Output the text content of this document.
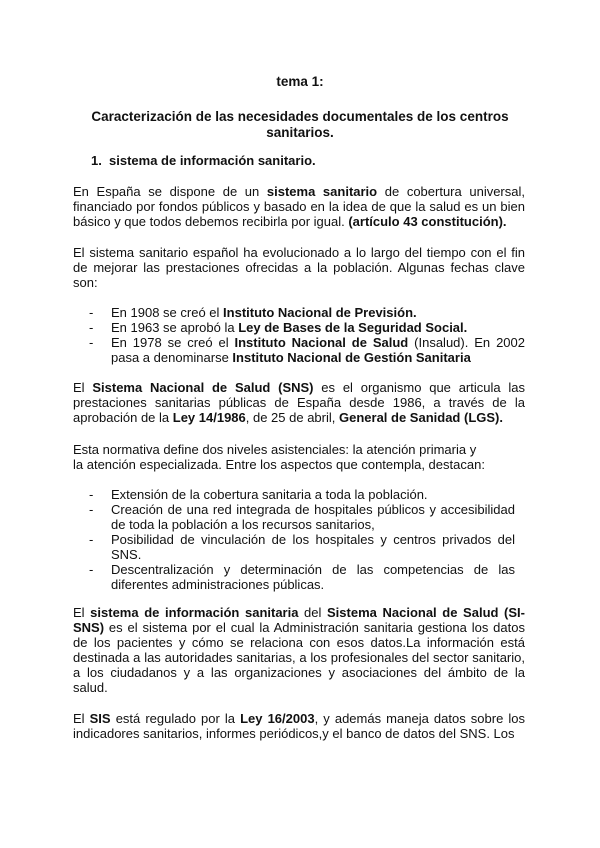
tema 1:
Caracterización de las necesidades documentales de los centros sanitarios.
1. sistema de información sanitario.

En España se dispone de un sistema sanitario de cobertura universal, financiado por fondos públicos y basado en la idea de que la salud es un bien básico y que todos debemos recibirla por igual. (artículo 43 constitución).

El sistema sanitario español ha evolucionado a lo largo del tiempo con el fin de mejorar las prestaciones ofrecidas a la población. Algunas fechas clave son:

- En 1908 se creó el Instituto Nacional de Previsión.
- En 1963 se aprobó la Ley de Bases de la Seguridad Social.
- En 1978 se creó el Instituto Nacional de Salud (Insalud). En 2002 pasa a denominarse Instituto Nacional de Gestión Sanitaria

El Sistema Nacional de Salud (SNS) es el organismo que articula las prestaciones sanitarias públicas de España desde 1986, a través de la aprobación de la Ley 14/1986, de 25 de abril, General de Sanidad (LGS).

Esta normativa define dos niveles asistenciales: la atención primaria y
la atención especializada. Entre los aspectos que contempla, destacan:

- Extensión de la cobertura sanitaria a toda la población.
- Creación de una red integrada de hospitales públicos y accesibilidad de toda la población a los recursos sanitarios,
- Posibilidad de vinculación de los hospitales y centros privados del SNS.
- Descentralización y determinación de las competencias de las diferentes administraciones públicas.

El sistema de información sanitaria del Sistema Nacional de Salud (SI-SNS) es el sistema por el cual la Administración sanitaria gestiona los datos de los pacientes y cómo se relaciona con esos datos.La información está destinada a las autoridades sanitarias, a los profesionales del sector sanitario, a los ciudadanos y a las organizaciones y asociaciones del ámbito de la salud.

El SIS está regulado por la Ley 16/2003, y además maneja datos sobre los indicadores sanitarios, informes periódicos,y el banco de datos del SNS. Los
